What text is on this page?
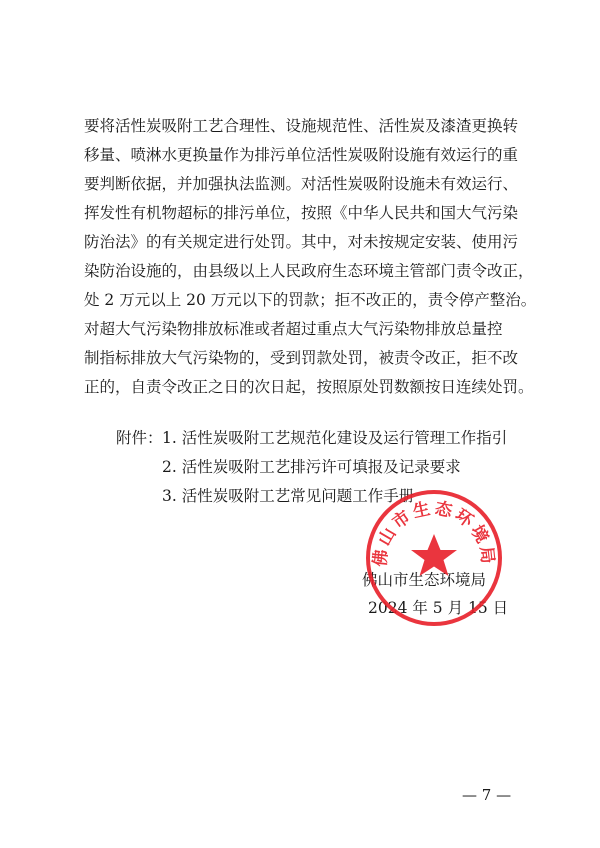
要将活性炭吸附工艺合理性、设施规范性、活性炭及漆渣更换转
移量、喷淋水更换量作为排污单位活性炭吸附设施有效运行的重
要判断依据，并加强执法监测。对活性炭吸附设施未有效运行、
挥发性有机物超标的排污单位，按照《中华人民共和国大气污染
防治法》的有关规定进行处罚。其中，对未按规定安装、使用污
染防治设施的，由县级以上人民政府生态环境主管部门责令改正，
处 2 万元以上 20 万元以下的罚款；拒不改正的，责令停产整治。
对超大气污染物排放标准或者超过重点大气污染物排放总量控
制指标排放大气污染物的，受到罚款处罚，被责令改正，拒不改
正的，自责令改正之日的次日起，按照原处罚数额按日连续处罚。
附件：1. 活性炭吸附工艺规范化建设及运行管理工作指引
2. 活性炭吸附工艺排污许可填报及记录要求
3. 活性炭吸附工艺常见问题工作手册
佛山市生态环境局
2024 年 5 月 15 日
佛山市生态环境局
— 7 —
